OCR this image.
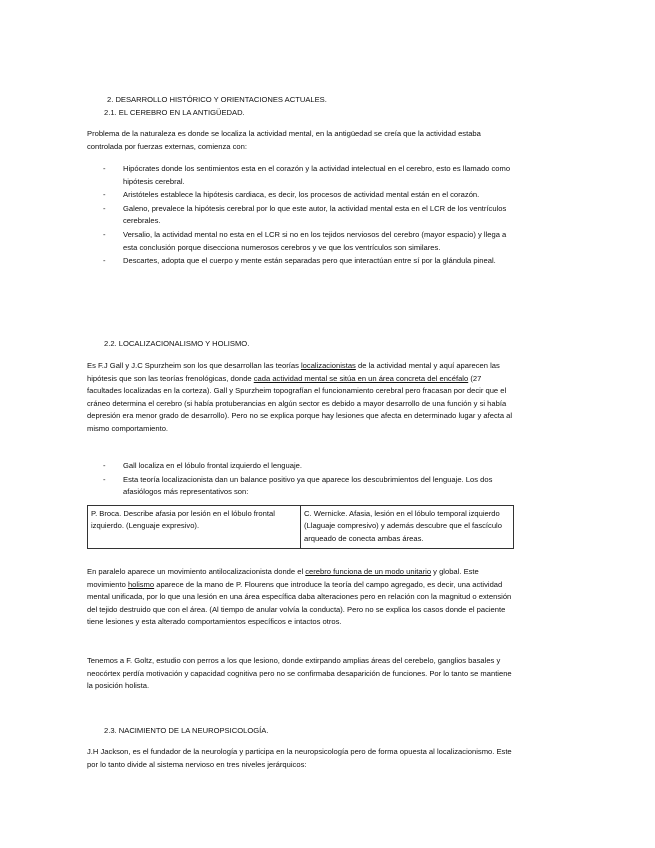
2. DESARROLLO HISTÓRICO Y ORIENTACIONES ACTUALES.

2.1. EL CEREBRO EN LA ANTIGÜEDAD.

Problema de la naturaleza es donde se localiza la actividad mental, en la antigüedad se creía que la actividad estaba controlada por fuerzas externas, comienza con:

- Hipócrates donde los sentimientos esta en el corazón y la actividad intelectual en el cerebro, esto es llamado como hipótesis cerebral.
- Aristóteles establece la hipótesis cardiaca, es decir, los procesos de actividad mental están en el corazón.
- Galeno, prevalece la hipótesis cerebral por lo que este autor, la actividad mental esta en el LCR de los ventrículos cerebrales.
- Versalio, la actividad mental no esta en el LCR si no en los tejidos nerviosos del cerebro (mayor espacio) y llega a esta conclusión porque disecciona numerosos cerebros y ve que los ventrículos son similares.
- Descartes, adopta que el cuerpo y mente están separadas pero que interactúan entre sí por la glándula pineal.

2.2. LOCALIZACIONALISMO Y HOLISMO.

Es F.J Gall y J.C Spurzheim son los que desarrollan las teorías localizacionistas de la actividad mental y aquí aparecen las hipótesis que son las teorías frenológicas, donde cada actividad mental se sitúa en un área concreta del encéfalo (27 facultades localizadas en la corteza). Gall y Spurzheim topografían el funcionamiento cerebral pero fracasan por decir que el cráneo determina el cerebro (si había protuberancias en algún sector es debido a mayor desarrollo de una función y si había depresión era menor grado de desarrollo). Pero no se explica porque hay lesiones que afecta en determinado lugar y afecta al mismo comportamiento.

- Gall localiza en el lóbulo frontal izquierdo el lenguaje.
- Esta teoría localizacionista dan un balance positivo ya que aparece los descubrimientos del lenguaje. Los dos afasiólogos más representativos son:
P. Broca. Describe afasia por lesión en el lóbulo frontal izquierdo. (Lenguaje expresivo).	C. Wernicke. Afasia, lesión en el lóbulo temporal izquierdo (Llaguaje compresivo) y además descubre que el fascículo arqueado de conecta ambas áreas.

En paralelo aparece un movimiento antilocalizacionista donde el cerebro funciona de un modo unitario y global. Este movimiento holismo aparece de la mano de P. Flourens que introduce la teoría del campo agregado, es decir, una actividad mental unificada, por lo que una lesión en una área específica daba alteraciones pero en relación con la magnitud o extensión del tejido destruido que con el área. (Al tiempo de anular volvía la conducta). Pero no se explica los casos donde el paciente tiene lesiones y esta alterado comportamientos específicos e intactos otros.

Tenemos a F. Goltz, estudio con perros a los que lesiono, donde extirpando amplias áreas del cerebelo, ganglios basales y neocórtex perdía motivación y capacidad cognitiva pero no se confirmaba desaparición de funciones. Por lo tanto se mantiene la posición holista.

2.3. NACIMIENTO DE LA NEUROPSICOLOGÍA.

J.H Jackson, es el fundador de la neurología y participa en la neuropsicología pero de forma opuesta al localizacionismo. Este por lo tanto divide al sistema nervioso en tres niveles jerárquicos:
